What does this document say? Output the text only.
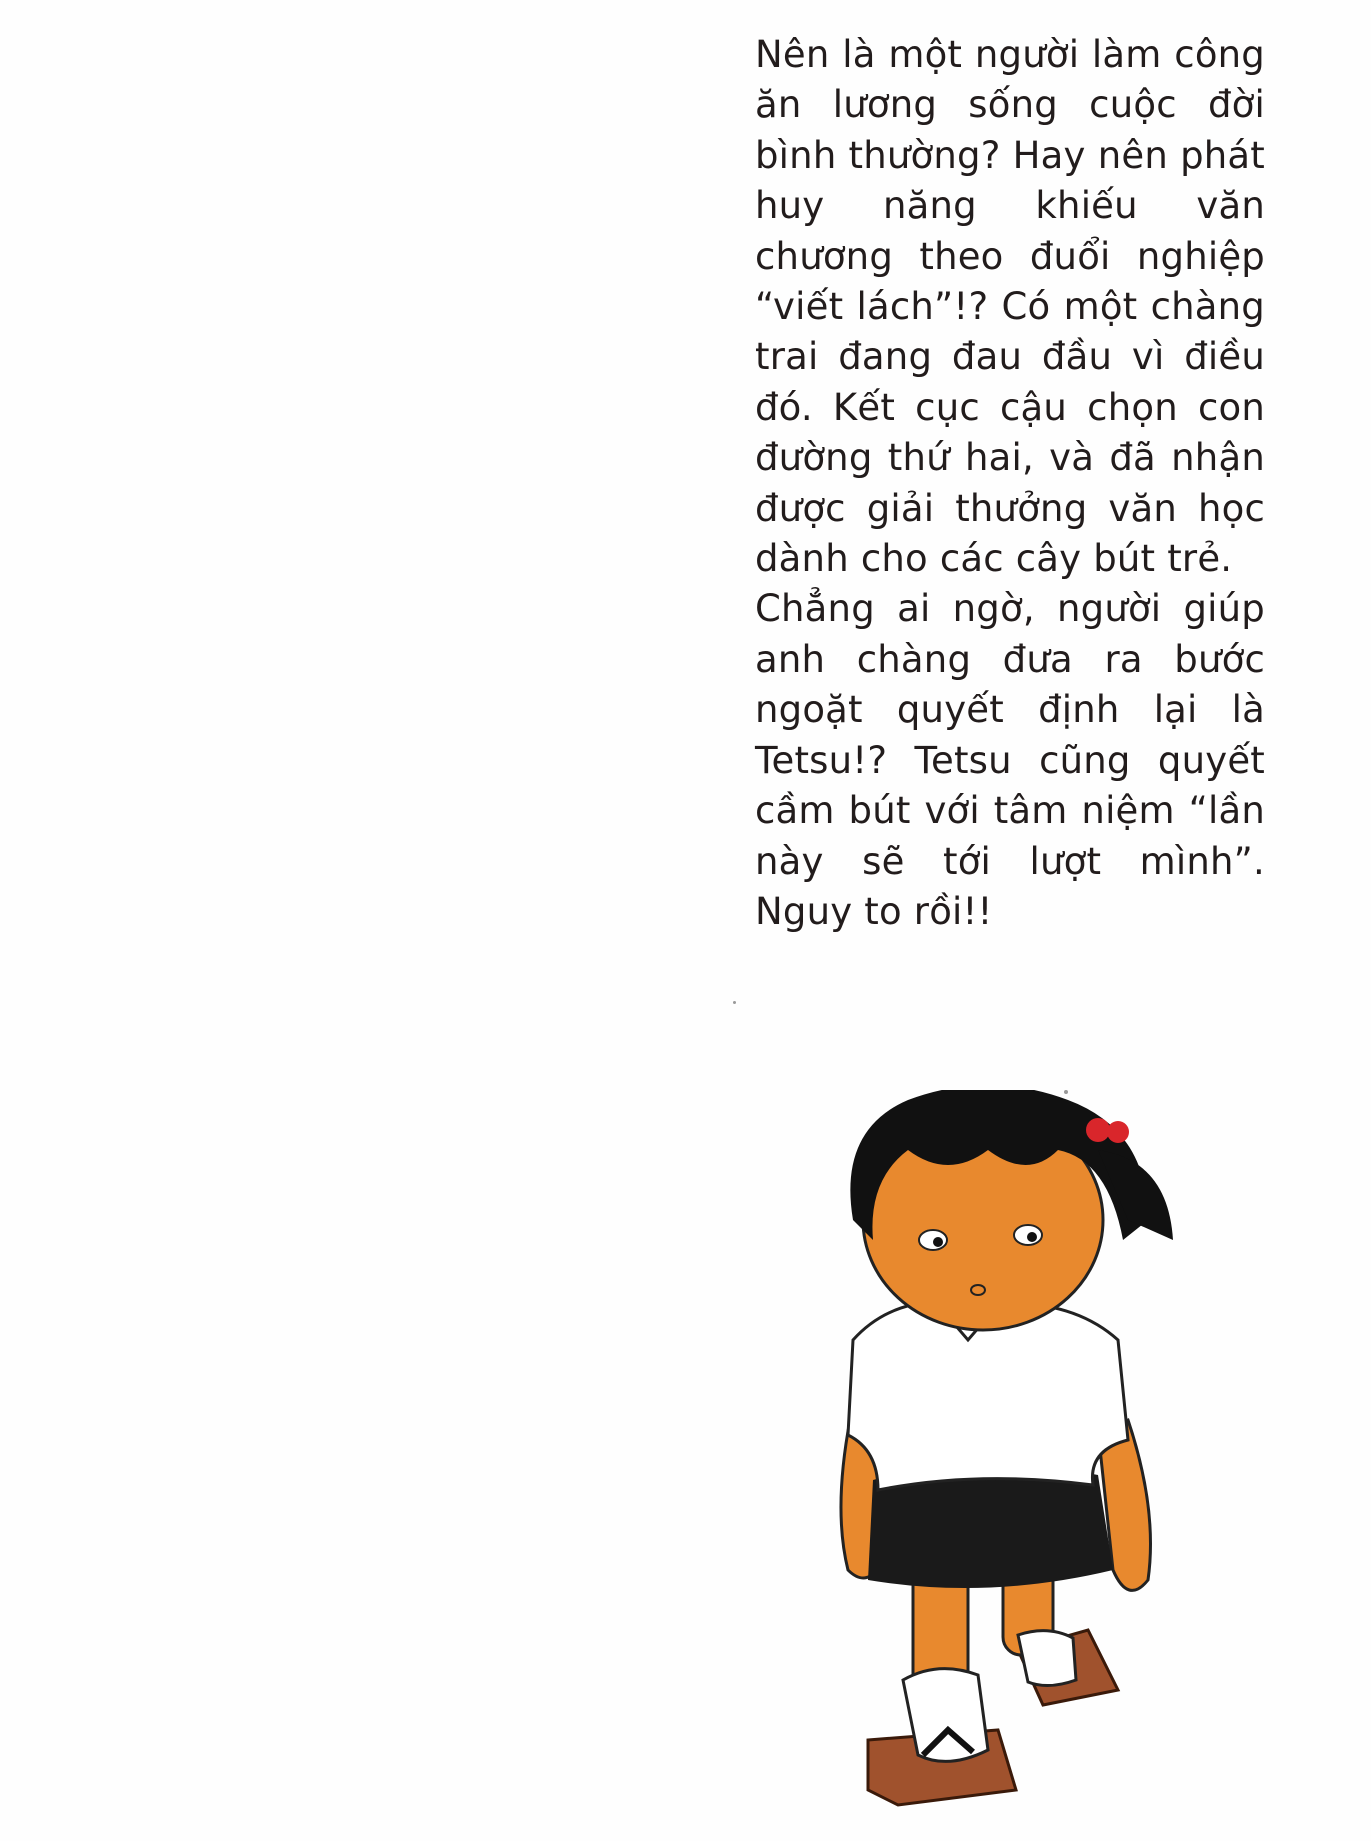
Nên là một người làm công ăn lương sống cuộc đời bình thường? Hay nên phát huy năng khiếu văn chương theo đuổi nghiệp “viết lách”!? Có một chàng trai đang đau đầu vì điều đó. Kết cục cậu chọn con đường thứ hai, và đã nhận được giải thưởng văn học dành cho các cây bút trẻ.

Chẳng ai ngờ, người giúp anh chàng đưa ra bước ngoặt quyết định lại là Tetsu!? Tetsu cũng quyết cầm bút với tâm niệm “lần này sẽ tới lượt mình”. Nguy to rồi!!
